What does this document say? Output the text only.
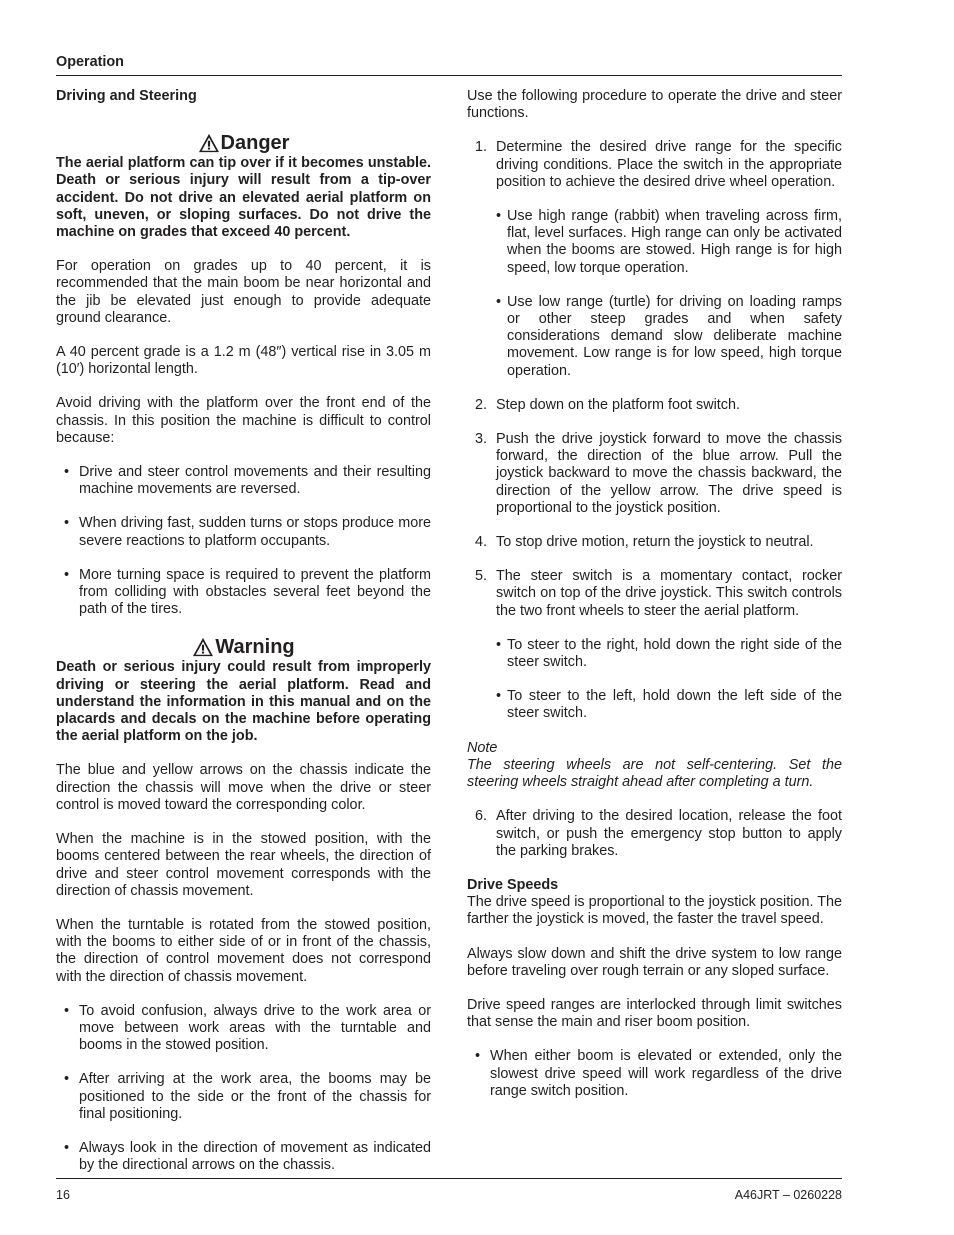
Operation
Driving and Steering
Danger

The aerial platform can tip over if it becomes unstable. Death or serious injury will result from a tip-over accident. Do not drive an elevated aerial platform on soft, uneven, or sloping surfaces. Do not drive the machine on grades that exceed 40 percent.

For operation on grades up to 40 percent, it is recommended that the main boom be near horizontal and the jib be elevated just enough to provide adequate ground clearance.

A 40 percent grade is a 1.2 m (48″) vertical rise in 3.05 m (10′) horizontal length.

Avoid driving with the platform over the front end of the chassis. In this position the machine is difficult to control because:

• Drive and steer control movements and their resulting machine movements are reversed.
• When driving fast, sudden turns or stops produce more severe reactions to platform occupants.
• More turning space is required to prevent the platform from colliding with obstacles several feet beyond the path of the tires.
Warning

Death or serious injury could result from improperly driving or steering the aerial platform. Read and understand the information in this manual and on the placards and decals on the machine before operating the aerial platform on the job.

The blue and yellow arrows on the chassis indicate the direction the chassis will move when the drive or steer control is moved toward the corresponding color.

When the machine is in the stowed position, with the booms centered between the rear wheels, the direction of drive and steer control movement corresponds with the direction of chassis movement.

When the turntable is rotated from the stowed position, with the booms to either side of or in front of the chassis, the direction of control movement does not correspond with the direction of chassis movement.

• To avoid confusion, always drive to the work area or move between work areas with the turntable and booms in the stowed position.
• After arriving at the work area, the booms may be positioned to the side or the front of the chassis for final positioning.
• Always look in the direction of movement as indicated by the directional arrows on the chassis.

Use the following procedure to operate the drive and steer functions.

1. Determine the desired drive range for the specific driving conditions. Place the switch in the appropriate position to achieve the desired drive wheel operation.
• Use high range (rabbit) when traveling across firm, flat, level surfaces. High range can only be activated when the booms are stowed. High range is for high speed, low torque operation.
• Use low range (turtle) for driving on loading ramps or other steep grades and when safety considerations demand slow deliberate machine movement. Low range is for low speed, high torque operation.
2. Step down on the platform foot switch.
3. Push the drive joystick forward to move the chassis forward, the direction of the blue arrow. Pull the joystick backward to move the chassis backward, the direction of the yellow arrow. The drive speed is proportional to the joystick position.
4. To stop drive motion, return the joystick to neutral.
5. The steer switch is a momentary contact, rocker switch on top of the drive joystick. This switch controls the two front wheels to steer the aerial platform.
• To steer to the right, hold down the right side of the steer switch.
• To steer to the left, hold down the left side of the steer switch.

Note

The steering wheels are not self-centering. Set the steering wheels straight ahead after completing a turn.

6. After driving to the desired location, release the foot switch, or push the emergency stop button to apply the parking brakes.
Drive Speeds

The drive speed is proportional to the joystick position. The farther the joystick is moved, the faster the travel speed.

Always slow down and shift the drive system to low range before traveling over rough terrain or any sloped surface.

Drive speed ranges are interlocked through limit switches that sense the main and riser boom position.

• When either boom is elevated or extended, only the slowest drive speed will work regardless of the drive range switch position.
16	A46JRT – 0260228
